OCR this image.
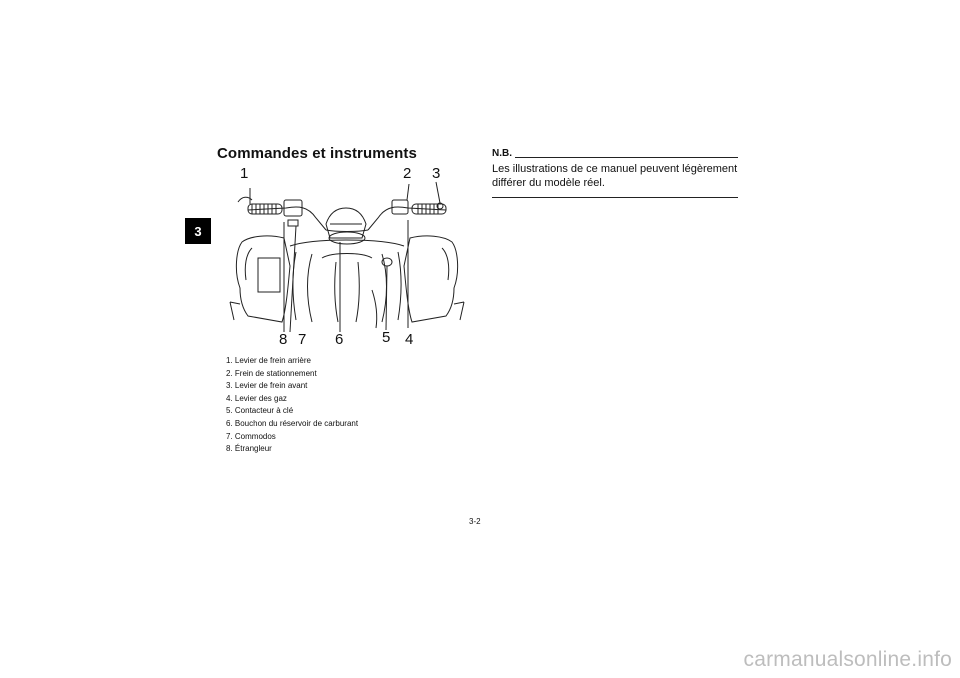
3
Commandes et instruments
1	2 3
4
5
6
7
8
1. Levier de frein arrière
2. Frein de stationnement
3. Levier de frein avant
4. Levier des gaz
5. Contacteur à clé
6. Bouchon du réservoir de carburant
7. Commodos
8. Étrangleur
N.B.

Les illustrations de ce manuel peuvent légèrement différer du modèle réel.

3-2
carmanualsonline.info
